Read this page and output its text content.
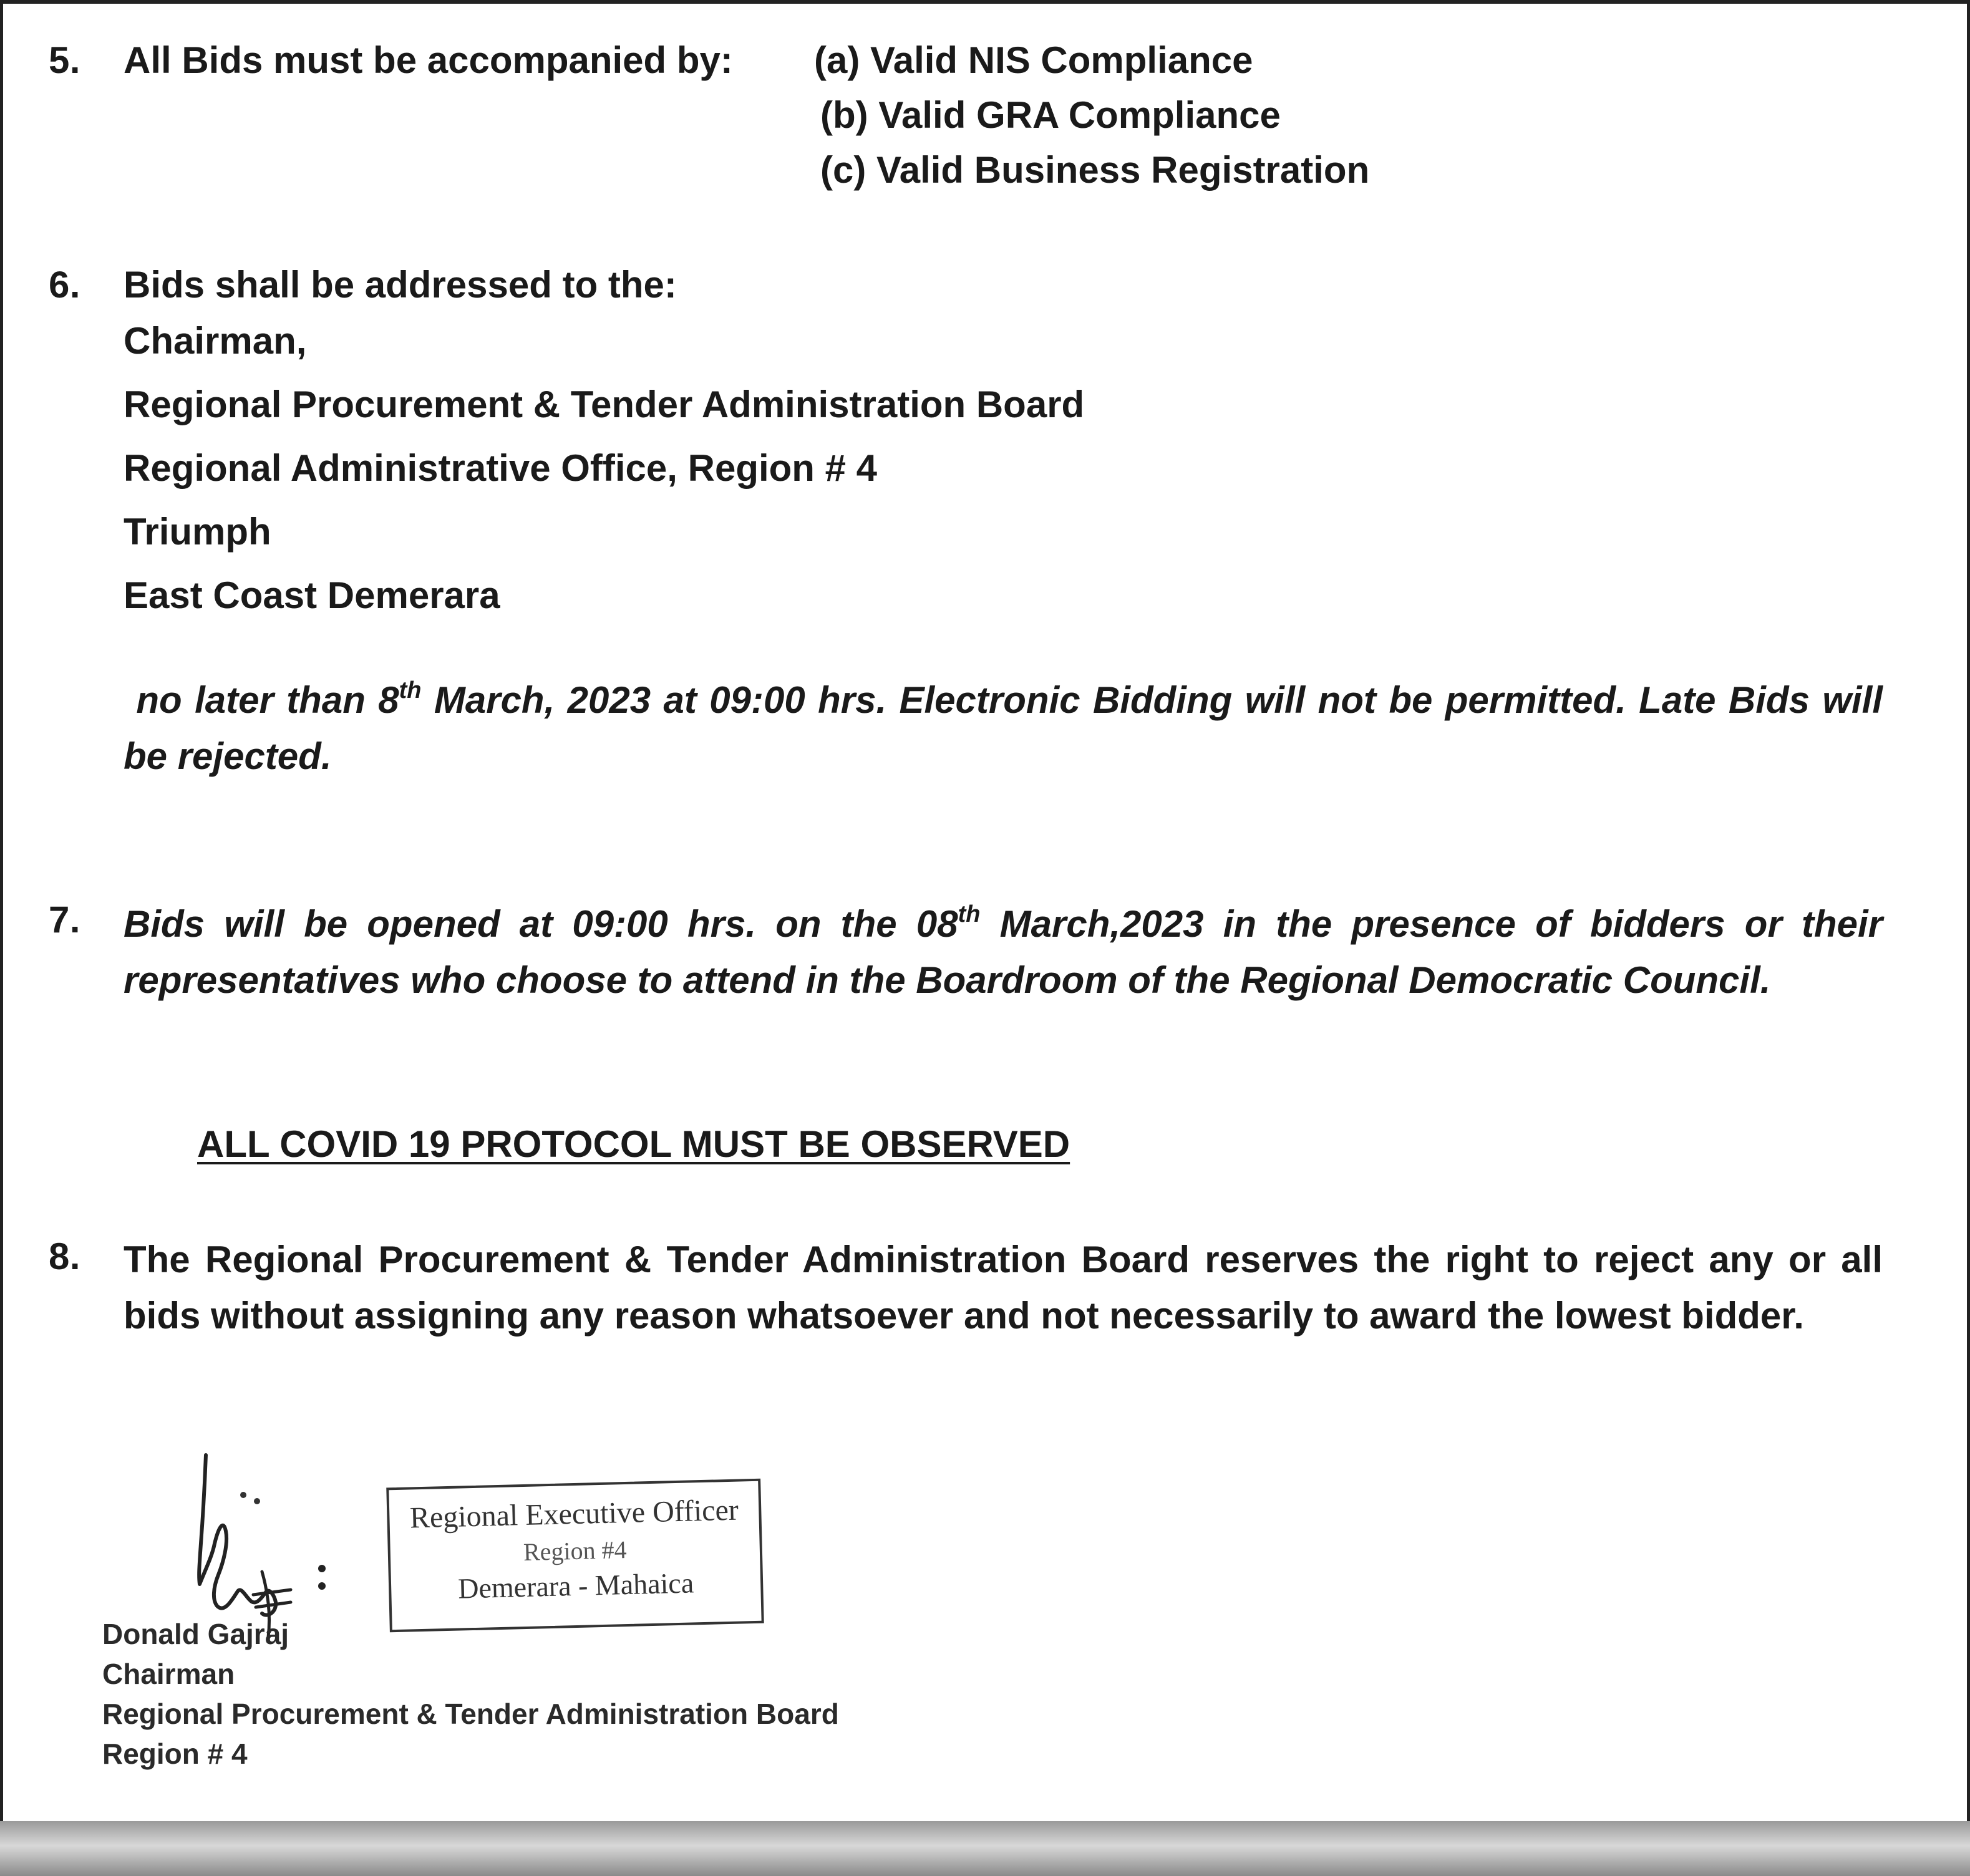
5. All Bids must be accompanied by: (a) Valid NIS Compliance
(b) Valid GRA Compliance
(c) Valid Business Registration
6. Bids shall be addressed to the:
Chairman,
Regional Procurement & Tender Administration Board
Regional Administrative Office, Region # 4
Triumph
East Coast Demerara
no later than 8th March, 2023 at 09:00 hrs. Electronic Bidding will not be permitted. Late Bids will be rejected.
7. Bids will be opened at 09:00 hrs. on the 08th March,2023 in the presence of bidders or their representatives who choose to attend in the Boardroom of the Regional Democratic Council.
ALL COVID 19 PROTOCOL MUST BE OBSERVED
8. The Regional Procurement & Tender Administration Board reserves the right to reject any or all bids without assigning any reason whatsoever and not necessarily to award the lowest bidder.
Donald Gajraj
Chairman
Regional Procurement & Tender Administration Board
Region # 4
Regional Executive Officer
Region #4
Demerara - Mahaica
